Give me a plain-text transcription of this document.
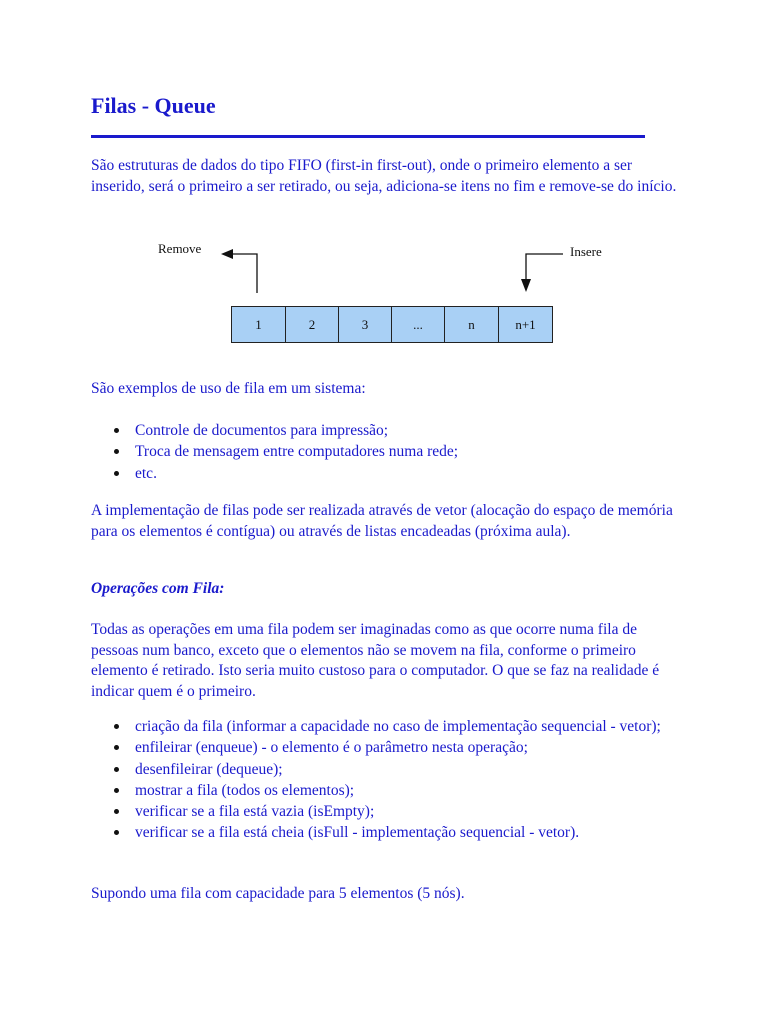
Filas - Queue

São estruturas de dados do tipo FIFO (first-in first-out), onde o primeiro elemento a ser inserido, será o primeiro a ser retirado, ou seja, adiciona-se itens no fim e remove-se do início.

São exemplos de uso de fila em um sistema:

Controle de documentos para impressão;
Troca de mensagem entre computadores numa rede;
etc.

A implementação de filas pode ser realizada através de vetor (alocação do espaço de memória para os elementos é contígua) ou através de listas encadeadas (próxima aula).

Operações com Fila:

Todas as operações em uma fila podem ser imaginadas como as que ocorre numa fila de pessoas num banco, exceto que o elementos não se movem na fila, conforme o primeiro elemento é retirado. Isto seria muito custoso para o computador. O que se faz na realidade é indicar quem é o primeiro.

criação da fila (informar a capacidade no caso de implementação sequencial - vetor);
enfileirar (enqueue) - o elemento é o parâmetro nesta operação;
desenfileirar (dequeue);
mostrar a fila (todos os elementos);
verificar se a fila está vazia (isEmpty);
verificar se a fila está cheia (isFull - implementação sequencial - vetor).

Supondo uma fila com capacidade para 5 elementos (5 nós).

Remove	Insere
1	2	3	...	n	n+1
